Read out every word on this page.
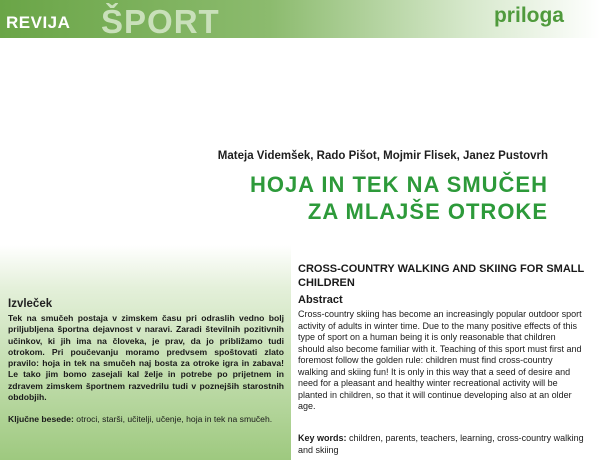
REVIJA ŠPORT	priloga
Mateja Videmšek, Rado Pišot, Mojmir Flisek, Janez Pustovrh
HOJA IN TEK NA SMUČEH
ZA MLAJŠE OTROKE
Izvleček

Tek na smučeh postaja v zimskem času pri odraslih vedno bolj priljubljena športna dejavnost v naravi. Zaradi številnih pozitivnih učinkov, ki jih ima na človeka, je prav, da jo približamo tudi otrokom. Pri poučevanju moramo predvsem spoštovati zlato pravilo: hoja in tek na smučeh naj bosta za otroke igra in zabava! Le tako jim bomo zasejali kal želje in potrebe po prijetnem in zdravem zimskem športnem razvedrilu tudi v poznejših starostnih obdobjih.

Ključne besede: otroci, starši, učitelji, učenje, hoja in tek na smučeh.
CROSS-COUNTRY WALKING AND SKIING FOR SMALL CHILDREN
Abstract

Cross-country skiing has become an increasingly popular outdoor sport activity of adults in winter time. Due to the many positive effects of this type of sport on a human being it is only reasonable that children should also become familiar with it. Teaching of this sport must first and foremost follow the golden rule: children must find cross-country walking and skiing fun! It is only in this way that a seed of desire and need for a pleasant and healthy winter recreational activity will be planted in children, so that it will continue developing also at an older age.

Key words: children, parents, teachers, learning, cross-country walking and skiing
